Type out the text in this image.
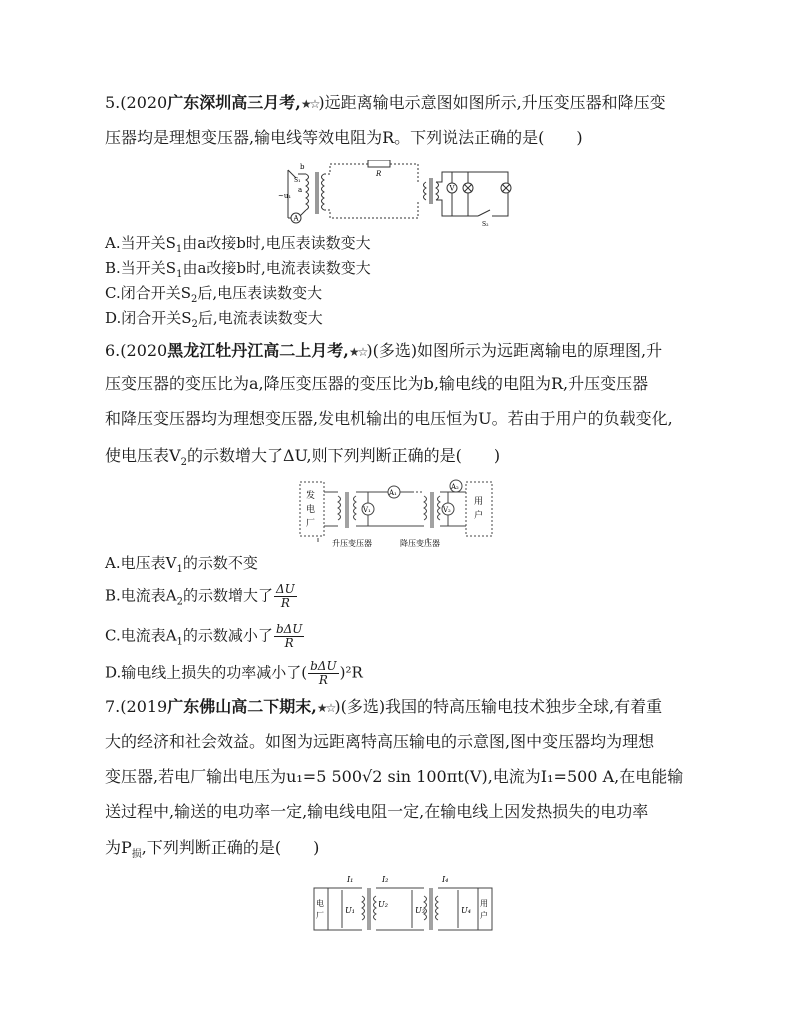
5.(2020广东深圳高三月考,★☆)远距离输电示意图如图所示,升压变压器和降压变
压器均是理想变压器,输电线等效电阻为R。下列说法正确的是(　　)
b
S₁
a
~u₁
A
R
V
S₂
A.当开关$S_1$由a改接b时,电压表读数变大
B.当开关$S_1$由a改接b时,电流表读数变大
C.闭合开关$S_2$后,电压表读数变大
D.闭合开关$S_2$后,电流表读数变大
6.(2020黑龙江牡丹江高二上月考,★☆)(多选)如图所示为远距离输电的原理图,升
压变压器的变压比为a,降压变压器的变压比为b,输电线的电阻为R,升压变压器
和降压变压器均为理想变压器,发电机输出的电压恒为U。若由于用户的负载变化,
使电压表$V_2$的示数增大了ΔU,则下列判断正确的是(　　)
发
电
厂
V₁
A₁
V₂
A₂
用
户
升压变压器	降压变压器
A.电压表$V_1$的示数不变
B.电流表$A_2$的示数增大了 $\frac{\Delta U}{R}$
C.电流表$A_1$的示数减小了 $\frac{\text{bΔU}}{R}$
D.输电线上损失的功率减小了( $\frac{\text{bΔU}}{R} )^2R$
7.(2019广东佛山高二下期末,★☆)(多选)我国的特高压输电技术独步全球,有着重
大的经济和社会效益。如图为远距离特高压输电的示意图,图中变压器均为理想
变压器,若电厂输出电压为u₁=5 500√2 sin 100πt(V),电流为I₁=500 A,在电能输
送过程中,输送的电功率一定,输电线电阻一定,在输电线上因发热损失的电功率
为$P_损$,下列判断正确的是(　　)
I₁	I₂	I₄
U₁
U₂
U₃	U₄
电
厂
用
户
